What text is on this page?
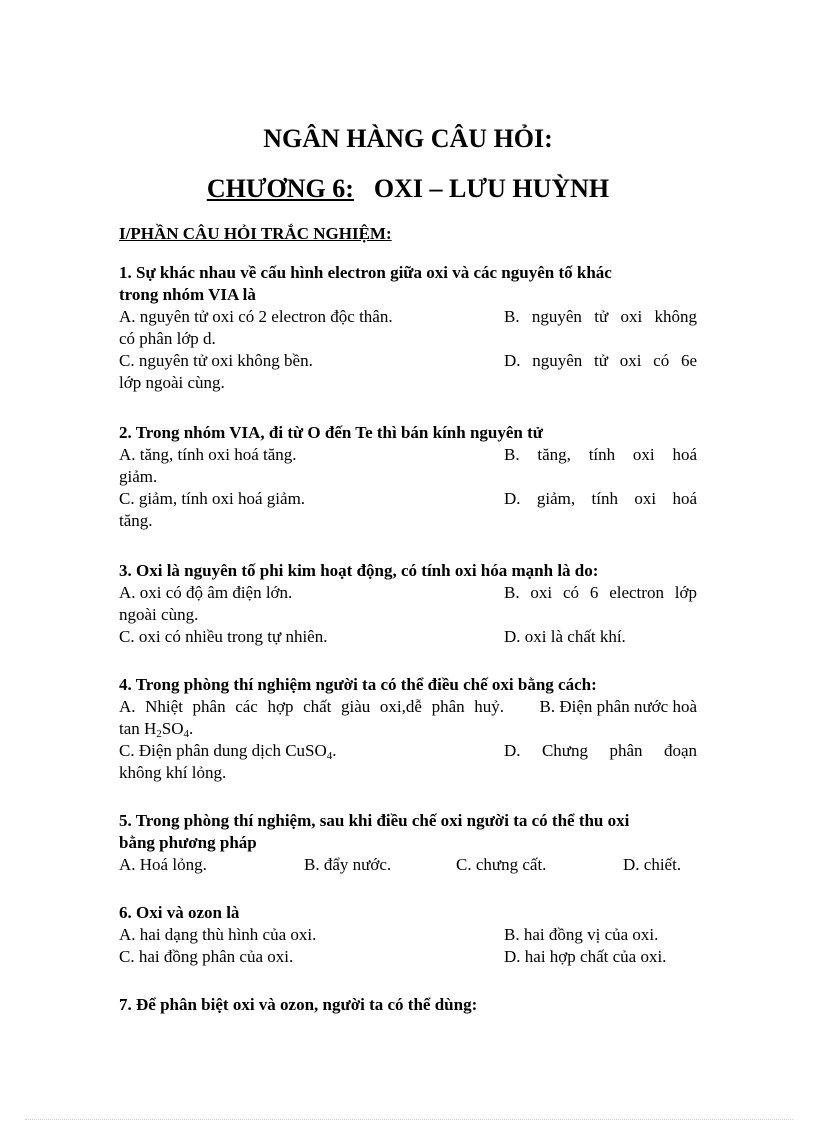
NGÂN HÀNG CÂU HỎI:
CHƯƠNG 6: OXI – LƯU HUỲNH
I/PHẦN CÂU HỎI TRẮC NGHIỆM:

1. Sự khác nhau về cấu hình electron giữa oxi và các nguyên tố khác
trong nhóm VIA là

A. nguyên tử oxi có 2 electron độc thân.	B. nguyên tử oxi không
có phân lớp d.
C. nguyên tử oxi không bền.	D. nguyên tử oxi có 6e
lớp ngoài cùng.

2. Trong nhóm VIA, đi từ O đến Te thì bán kính nguyên tử

A. tăng, tính oxi hoá tăng.	B. tăng, tính oxi hoá
giảm.
C. giảm, tính oxi hoá giảm.	D. giảm, tính oxi hoá
tăng.

3. Oxi là nguyên tố phi kim hoạt động, có tính oxi hóa mạnh là do:

A. oxi có độ âm điện lớn.	B. oxi có 6 electron lớp
ngoài cùng.
C. oxi có nhiều trong tự nhiên.	D. oxi là chất khí.

4. Trong phòng thí nghiệm người ta có thể điều chế oxi bằng cách:

A. Nhiệt phân các hợp chất giàu oxi,dễ phân huỷ.	B. Điện phân nước hoà
$\tan H_2SO_4$.
C. Điện phân dung dịch CuSO$_4$.	D. Chưng phân đoạn
không khí lỏng.

5. Trong phòng thí nghiệm, sau khi điều chế oxi người ta có thể thu oxi
bằng phương pháp

A. Hoá lỏng.	B. đẩy nước.	C. chưng cất.	D. chiết.

6. Oxi và ozon là

A. hai dạng thù hình của oxi.	B. hai đồng vị của oxi.
C. hai đồng phân của oxi.	D. hai hợp chất của oxi.

7. Để phân biệt oxi và ozon, người ta có thể dùng:
